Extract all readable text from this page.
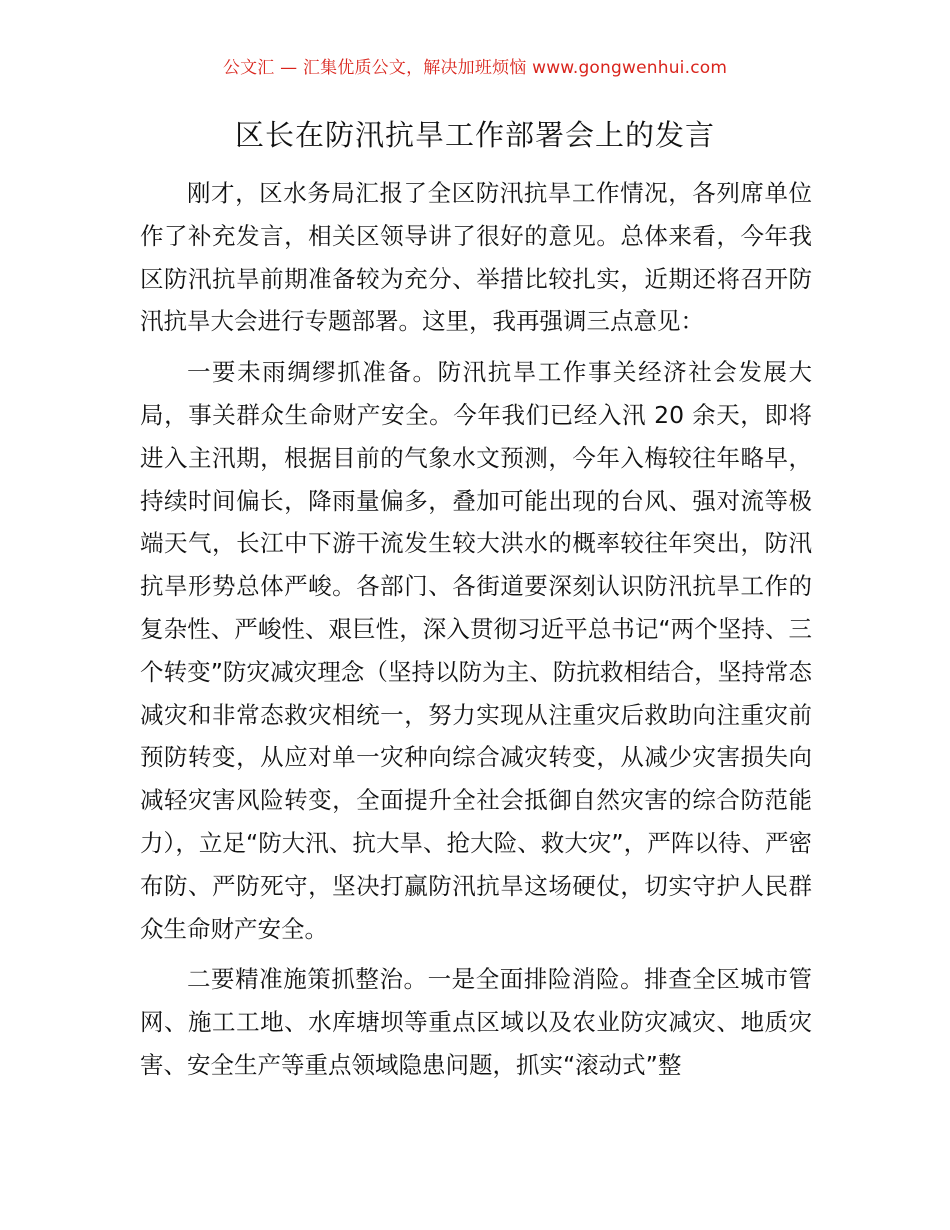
公文汇 — 汇集优质公文，解决加班烦恼 www.gongwenhui.com
区长在防汛抗旱工作部署会上的发言

刚才，区水务局汇报了全区防汛抗旱工作情况，各列席单位作了补充发言，相关区领导讲了很好的意见。总体来看，今年我区防汛抗旱前期准备较为充分、举措比较扎实，近期还将召开防汛抗旱大会进行专题部署。这里，我再强调三点意见：

一要未雨绸缪抓准备。防汛抗旱工作事关经济社会发展大局，事关群众生命财产安全。今年我们已经入汛 20 余天，即将进入主汛期，根据目前的气象水文预测，今年入梅较往年略早，持续时间偏长，降雨量偏多，叠加可能出现的台风、强对流等极端天气，长江中下游干流发生较大洪水的概率较往年突出，防汛抗旱形势总体严峻。各部门、各街道要深刻认识防汛抗旱工作的复杂性、严峻性、艰巨性，深入贯彻习近平总书记“两个坚持、三个转变”防灾减灾理念（坚持以防为主、防抗救相结合，坚持常态减灾和非常态救灾相统一，努力实现从注重灾后救助向注重灾前预防转变，从应对单一灾种向综合减灾转变，从减少灾害损失向减轻灾害风险转变，全面提升全社会抵御自然灾害的综合防范能力），立足“防大汛、抗大旱、抢大险、救大灾”，严阵以待、严密布防、严防死守，坚决打赢防汛抗旱这场硬仗，切实守护人民群众生命财产安全。

二要精准施策抓整治。一是全面排险消险。排查全区城市管网、施工工地、水库塘坝等重点区域以及农业防灾减灾、地质灾害、安全生产等重点领域隐患问题，抓实“滚动式”整
